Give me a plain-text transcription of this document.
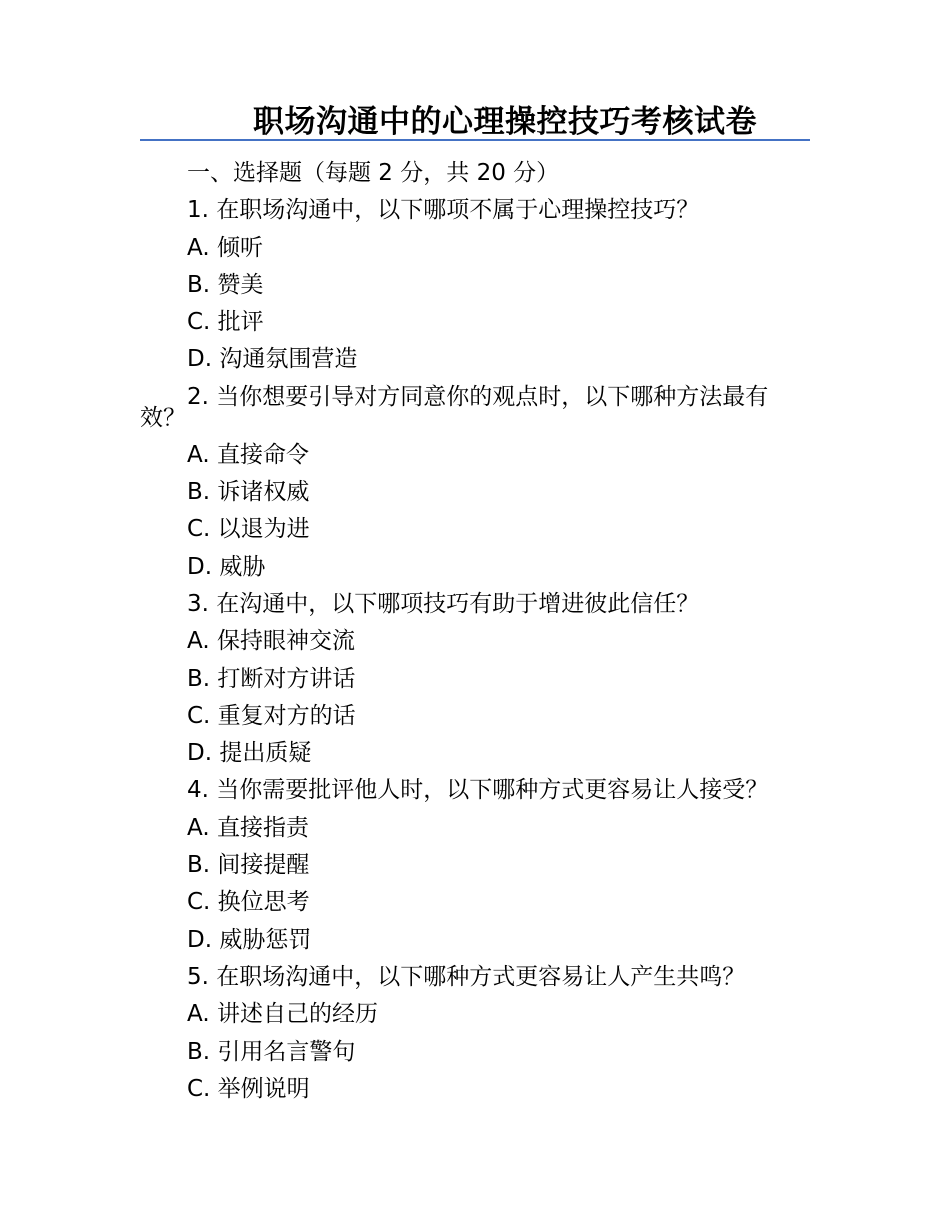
职场沟通中的心理操控技巧考核试卷
一、选择题（每题 2 分，共 20 分）
1. 在职场沟通中，以下哪项不属于心理操控技巧？
A. 倾听
B. 赞美
C. 批评
D. 沟通氛围营造
2. 当你想要引导对方同意你的观点时，以下哪种方法最有效？
A. 直接命令
B. 诉诸权威
C. 以退为进
D. 威胁
3. 在沟通中，以下哪项技巧有助于增进彼此信任？
A. 保持眼神交流
B. 打断对方讲话
C. 重复对方的话
D. 提出质疑
4. 当你需要批评他人时，以下哪种方式更容易让人接受？
A. 直接指责
B. 间接提醒
C. 换位思考
D. 威胁惩罚
5. 在职场沟通中，以下哪种方式更容易让人产生共鸣？
A. 讲述自己的经历
B. 引用名言警句
C. 举例说明
